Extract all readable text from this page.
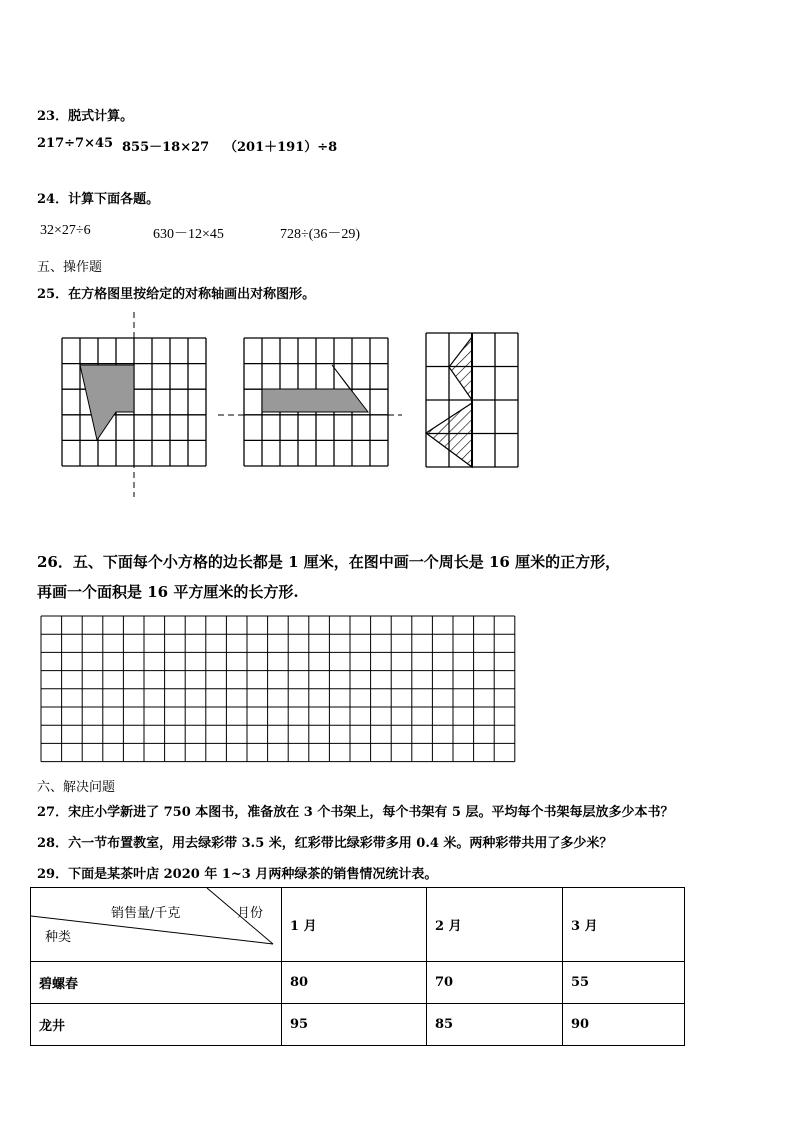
23．脱式计算。
217÷7×45 855－18×27 （201＋191）÷8
24．计算下面各题。
32×27÷6	630－12×45	728÷(36－29)
五、操作题
25．在方格图里按给定的对称轴画出对称图形。
26．五、下面每个小方格的边长都是 1 厘米，在图中画一个周长是 16 厘米的正方形，
再画一个面积是 16 平方厘米的长方形.
六、解决问题
27．宋庄小学新进了 750 本图书，准备放在 3 个书架上，每个书架有 5 层。平均每个书架每层放多少本书？
28．六一节布置教室，用去绿彩带 3.5 米，红彩带比绿彩带多用 0.4 米。两种彩带共用了多少米？
29．下面是某茶叶店 2020 年 1~3 月两种绿茶的销售情况统计表。
销售量/千克 月份
种类	1 月	2 月	3 月
碧螺春	80	70	55
龙井	95	85	90
